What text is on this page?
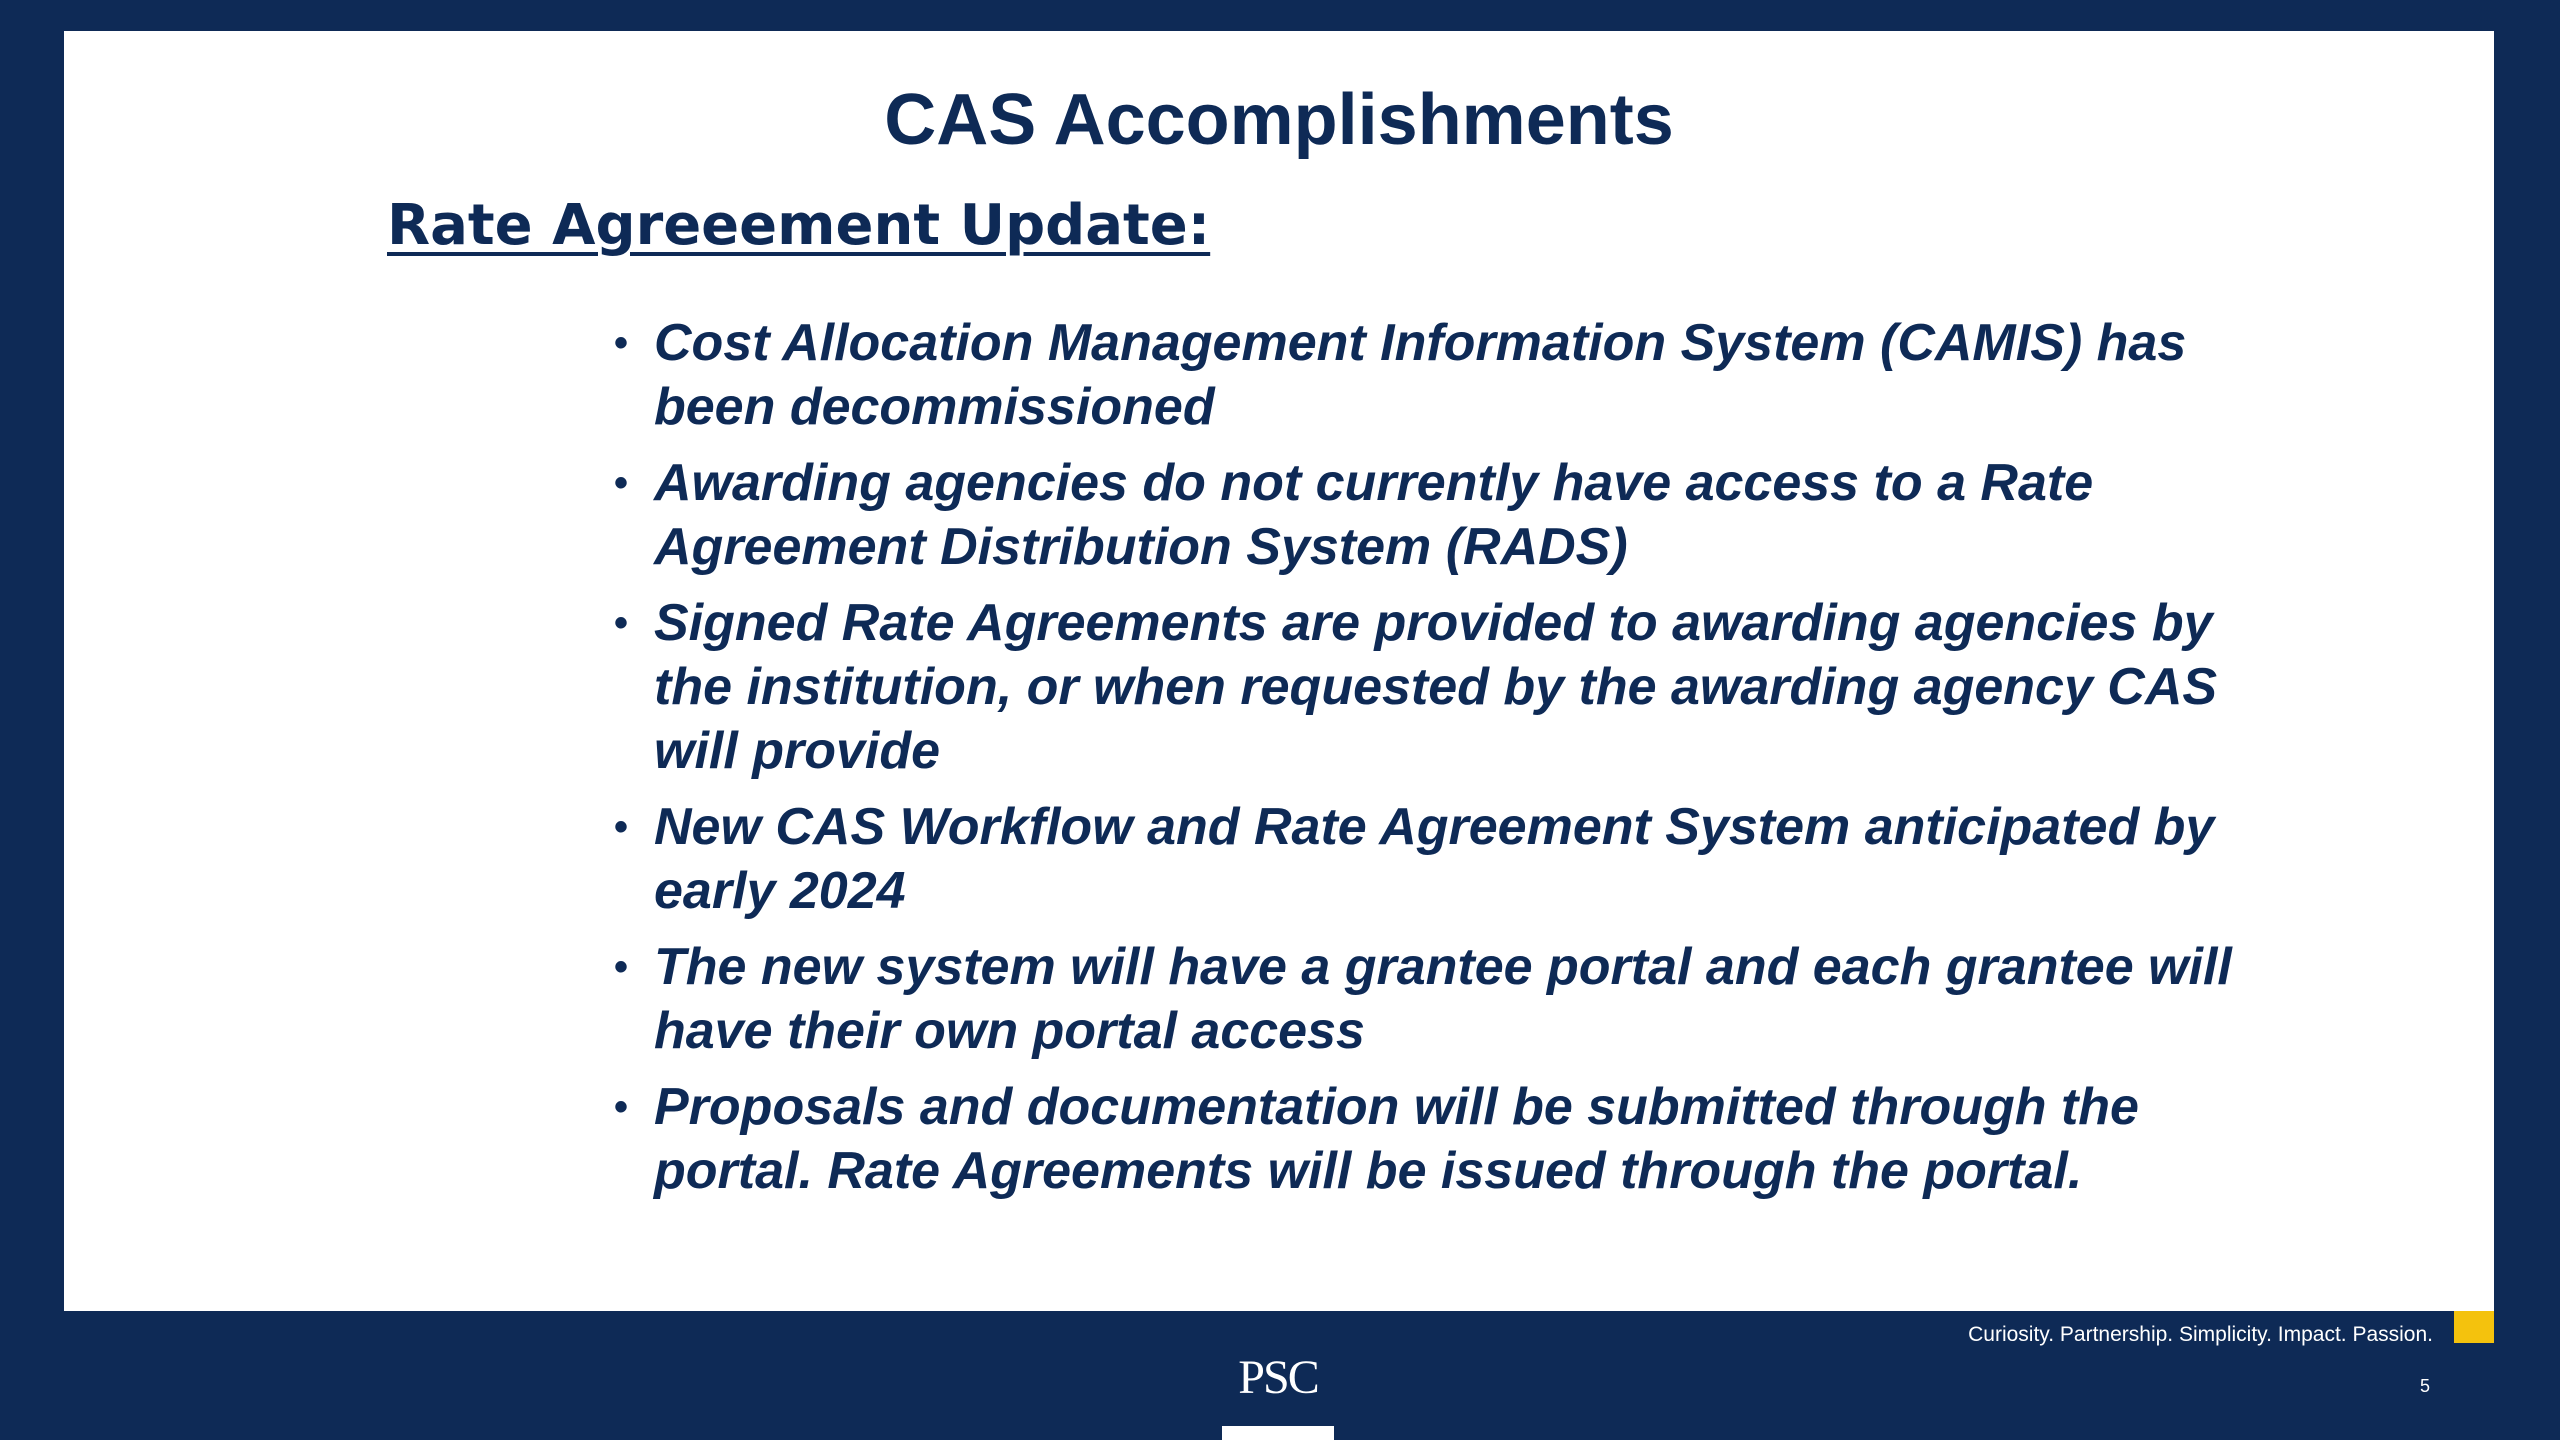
CAS Accomplishments
Rate Agreeement Update:
• Cost Allocation Management Information System (CAMIS) has been decommissioned
• Awarding agencies do not currently have access to a Rate Agreement Distribution System (RADS)
• Signed Rate Agreements are provided to awarding agencies by the institution, or when requested by the awarding agency CAS will provide
• New CAS Workflow and Rate Agreement System anticipated by early 2024
• The new system will have a grantee portal and each grantee will have their own portal access
• Proposals and documentation will be submitted through the portal. Rate Agreements will be issued through the portal.
Curiosity. Partnership. Simplicity. Impact. Passion.
5
PSC
